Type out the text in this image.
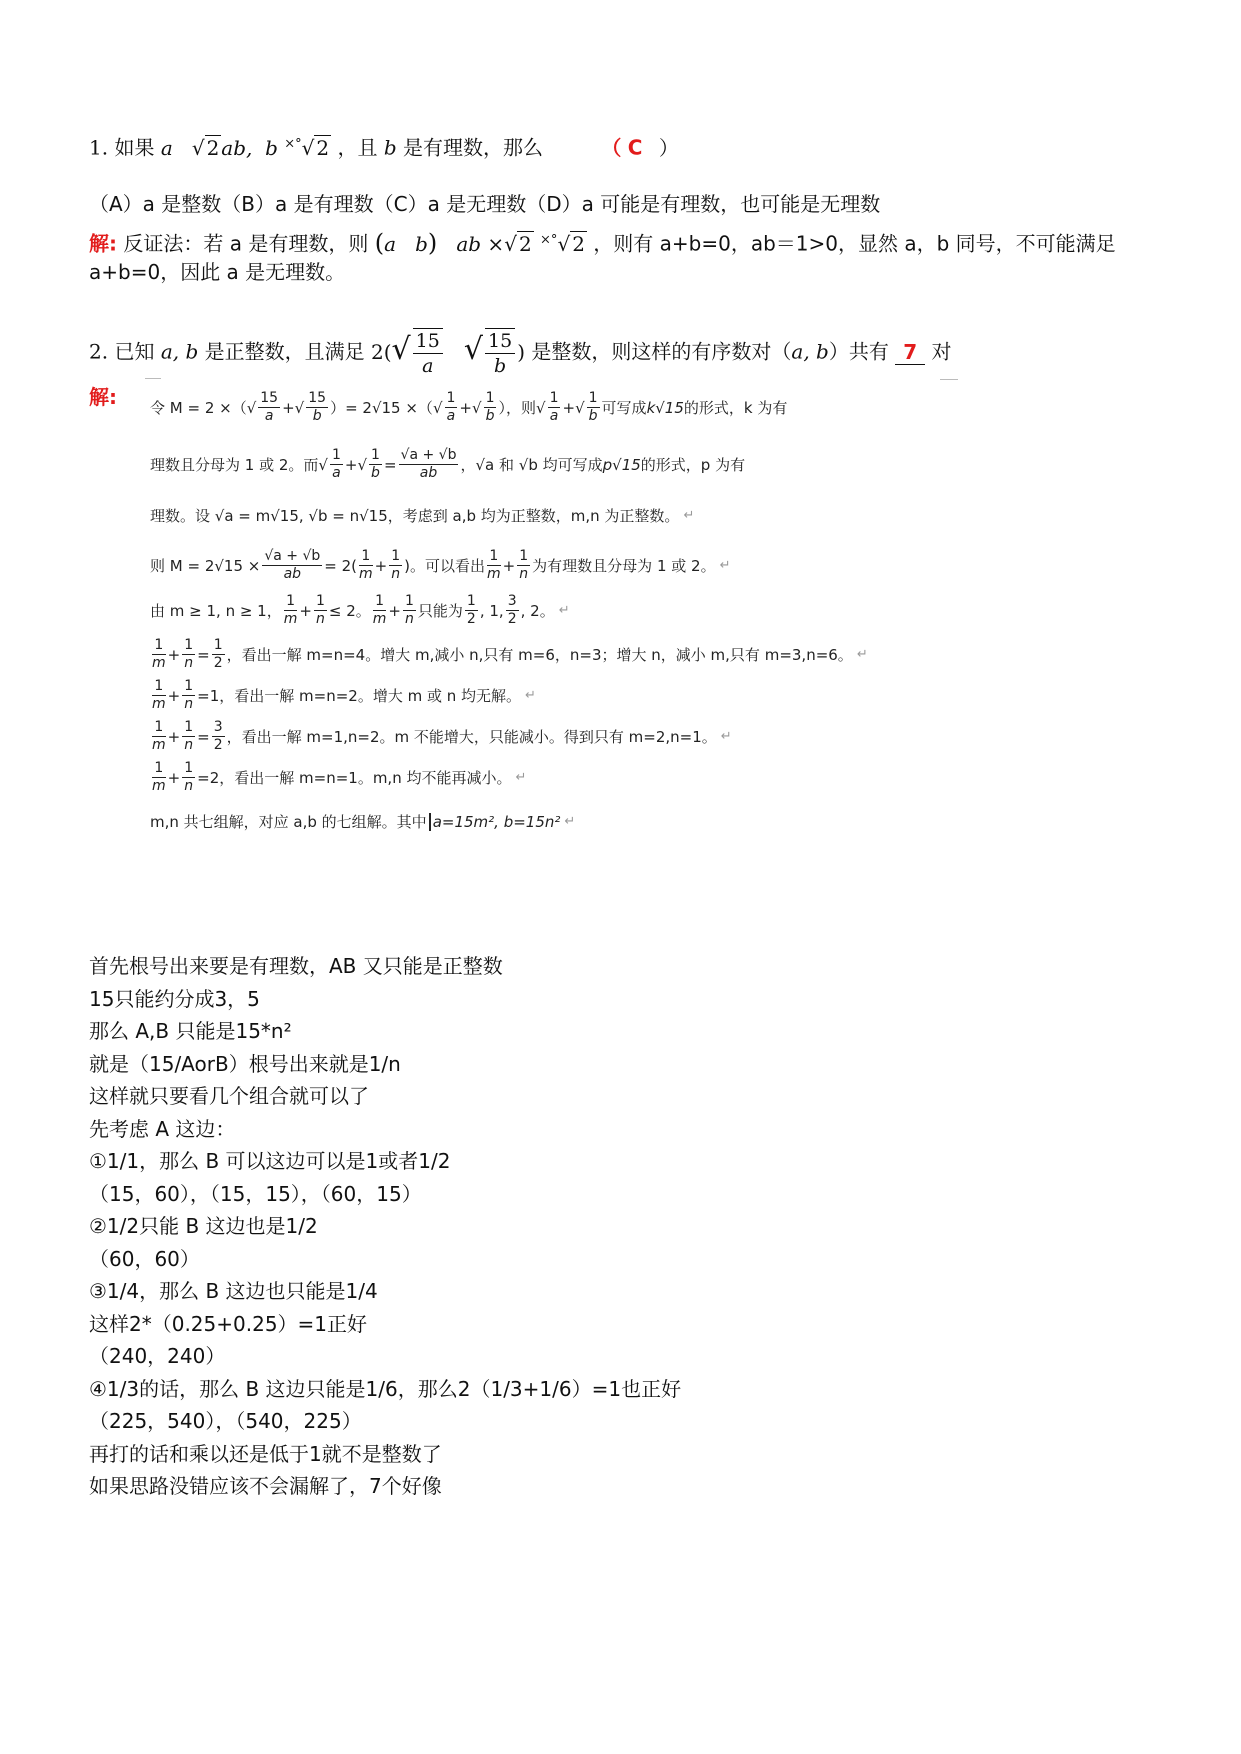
1. 如果 a   √ 2 ab,  b ×°√ 2 ，且 b 是有理数，那么	（ C ）
（A）a 是整数（B）a 是有理数（C）a 是无理数（D）a 可能是有理数，也可能是无理数
解: 反证法：若 a 是有理数，则 (a   b)   ab ×√ 2 ×°√ 2 ，则有 a+b=0，ab＝1>0，显然 a，b 同号，不可能满足
a+b=0，因此 a 是无理数。
2. 已知 a, b 是正整数，且满足 $2(√ \frac{15}{a}$ √ $\frac{15}{b}$ ) 是整数，则这样的有序数对（a, b）共有 7 对
解: 令 M = 2 ×（ √
15
a + √
15
b ）= 2√15 ×（ √
1
a + √
1
b ），则 √
1
a + √
1
b 可写成 k√15 的形式，k 为有
理数且分母为 1 或 2。而 √
1
a + √
1
b =
√a + √b
ab	，√a 和 √b 均可写成 p√15 的形式，p 为有
理数。设 √a = m√15, √b = n√15，考虑到 a,b 均为正整数，m,n 为正整数。 ↵
则 $M = 2√15 \times \frac{√a + √b}{ab} = 2$(
1
m +
1
n )。可以看出
1
m +
1
n 为有理数且分母为 1 或 2。 ↵
由 m ≥ 1, n ≥ 1，
1
$m + \frac{1}{n} \le 2$。
1
m +
1
n 只能为
1
2 , 1,
3
2 , 2。 ↵
1
m +
1
n =
1
2 ，看出一解 m=n=4。增大 m,减小 n,只有 m=6，n=3；增大 n，减小 m,只有 m=3,n=6。 ↵
1
$m + \frac{1}{n} =1$，看出一解 m=n=2。增大 m 或 n 均无解。 ↵
1
m +
1
n =
3
2 ，看出一解 m=1,n=2。m 不能增大，只能减小。得到只有 m=2,n=1。 ↵
1
$m + \frac{1}{n} =2$，看出一解 m=n=1。m,n 均不能再减小。 ↵
m,n 共七组解，对应 a,b 的七组解。其中 a=15m², b=15n² ↵
首先根号出来要是有理数，AB 又只能是正整数
15只能约分成3，5
那么 A,B 只能是15*n²
就是（15/AorB）根号出来就是1/n
这样就只要看几个组合就可以了
先考虑 A 这边：
①1/1，那么 B 可以这边可以是1或者1/2
（15，60），（15，15），（60，15）
②1/2只能 B 这边也是1/2
（60，60）
③1/4，那么 B 这边也只能是1/4
这样2*（0.25+0.25）=1正好
（240，240）
④1/3的话，那么 B 这边只能是1/6，那么2（1/3+1/6）=1也正好
（225，540），（540，225）
再打的话和乘以还是低于1就不是整数了
如果思路没错应该不会漏解了，7个好像
